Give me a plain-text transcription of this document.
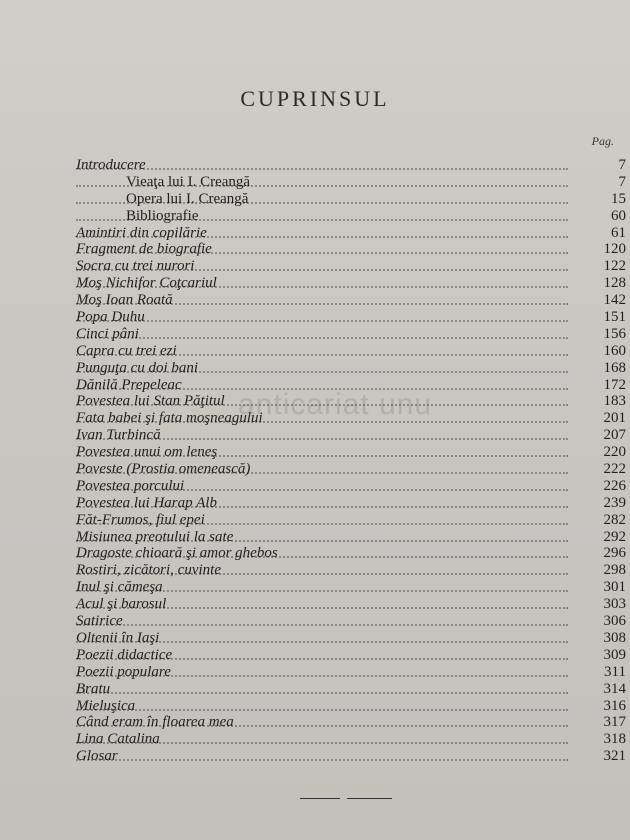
CUPRINSUL
Pag.
anticariat unu
Introducere	7
Vieaţa lui I. Creangă	7
Opera lui I. Creangă	15
Bibliografie	60
Amintiri din copilărie	61
Fragment de biografie	120
Socra cu trei nurori	122
Moş Nichifor Coţcariul	128
Moş Ioan Roată	142
Popa Duhu	151
Cinci pâni	156
Capra cu trei ezi	160
Punguţa cu doi bani	168
Dănilă Prepeleac	172
Povestea lui Stan Păţitul	183
Fata babei şi fata moşneagului	201
Ivan Turbincă	207
Povestea unui om leneş	220
Poveste (Prostia omenească)	222
Povestea porcului	226
Povestea lui Harap Alb	239
Făt-Frumos, fiul epei	282
Misiunea preotului la sate	292
Dragoste chioară şi amor ghebos	296
Rostiri, zicători, cuvinte	298
Inul şi cămeşa	301
Acul şi barosul	303
Satirice	306
Oltenii în Iaşi	308
Poezii didactice	309
Poezii populare	311
Bratu	314
Mieluşica	316
Când eram în floarea mea	317
Lina Catalina	318
Glosar	321
